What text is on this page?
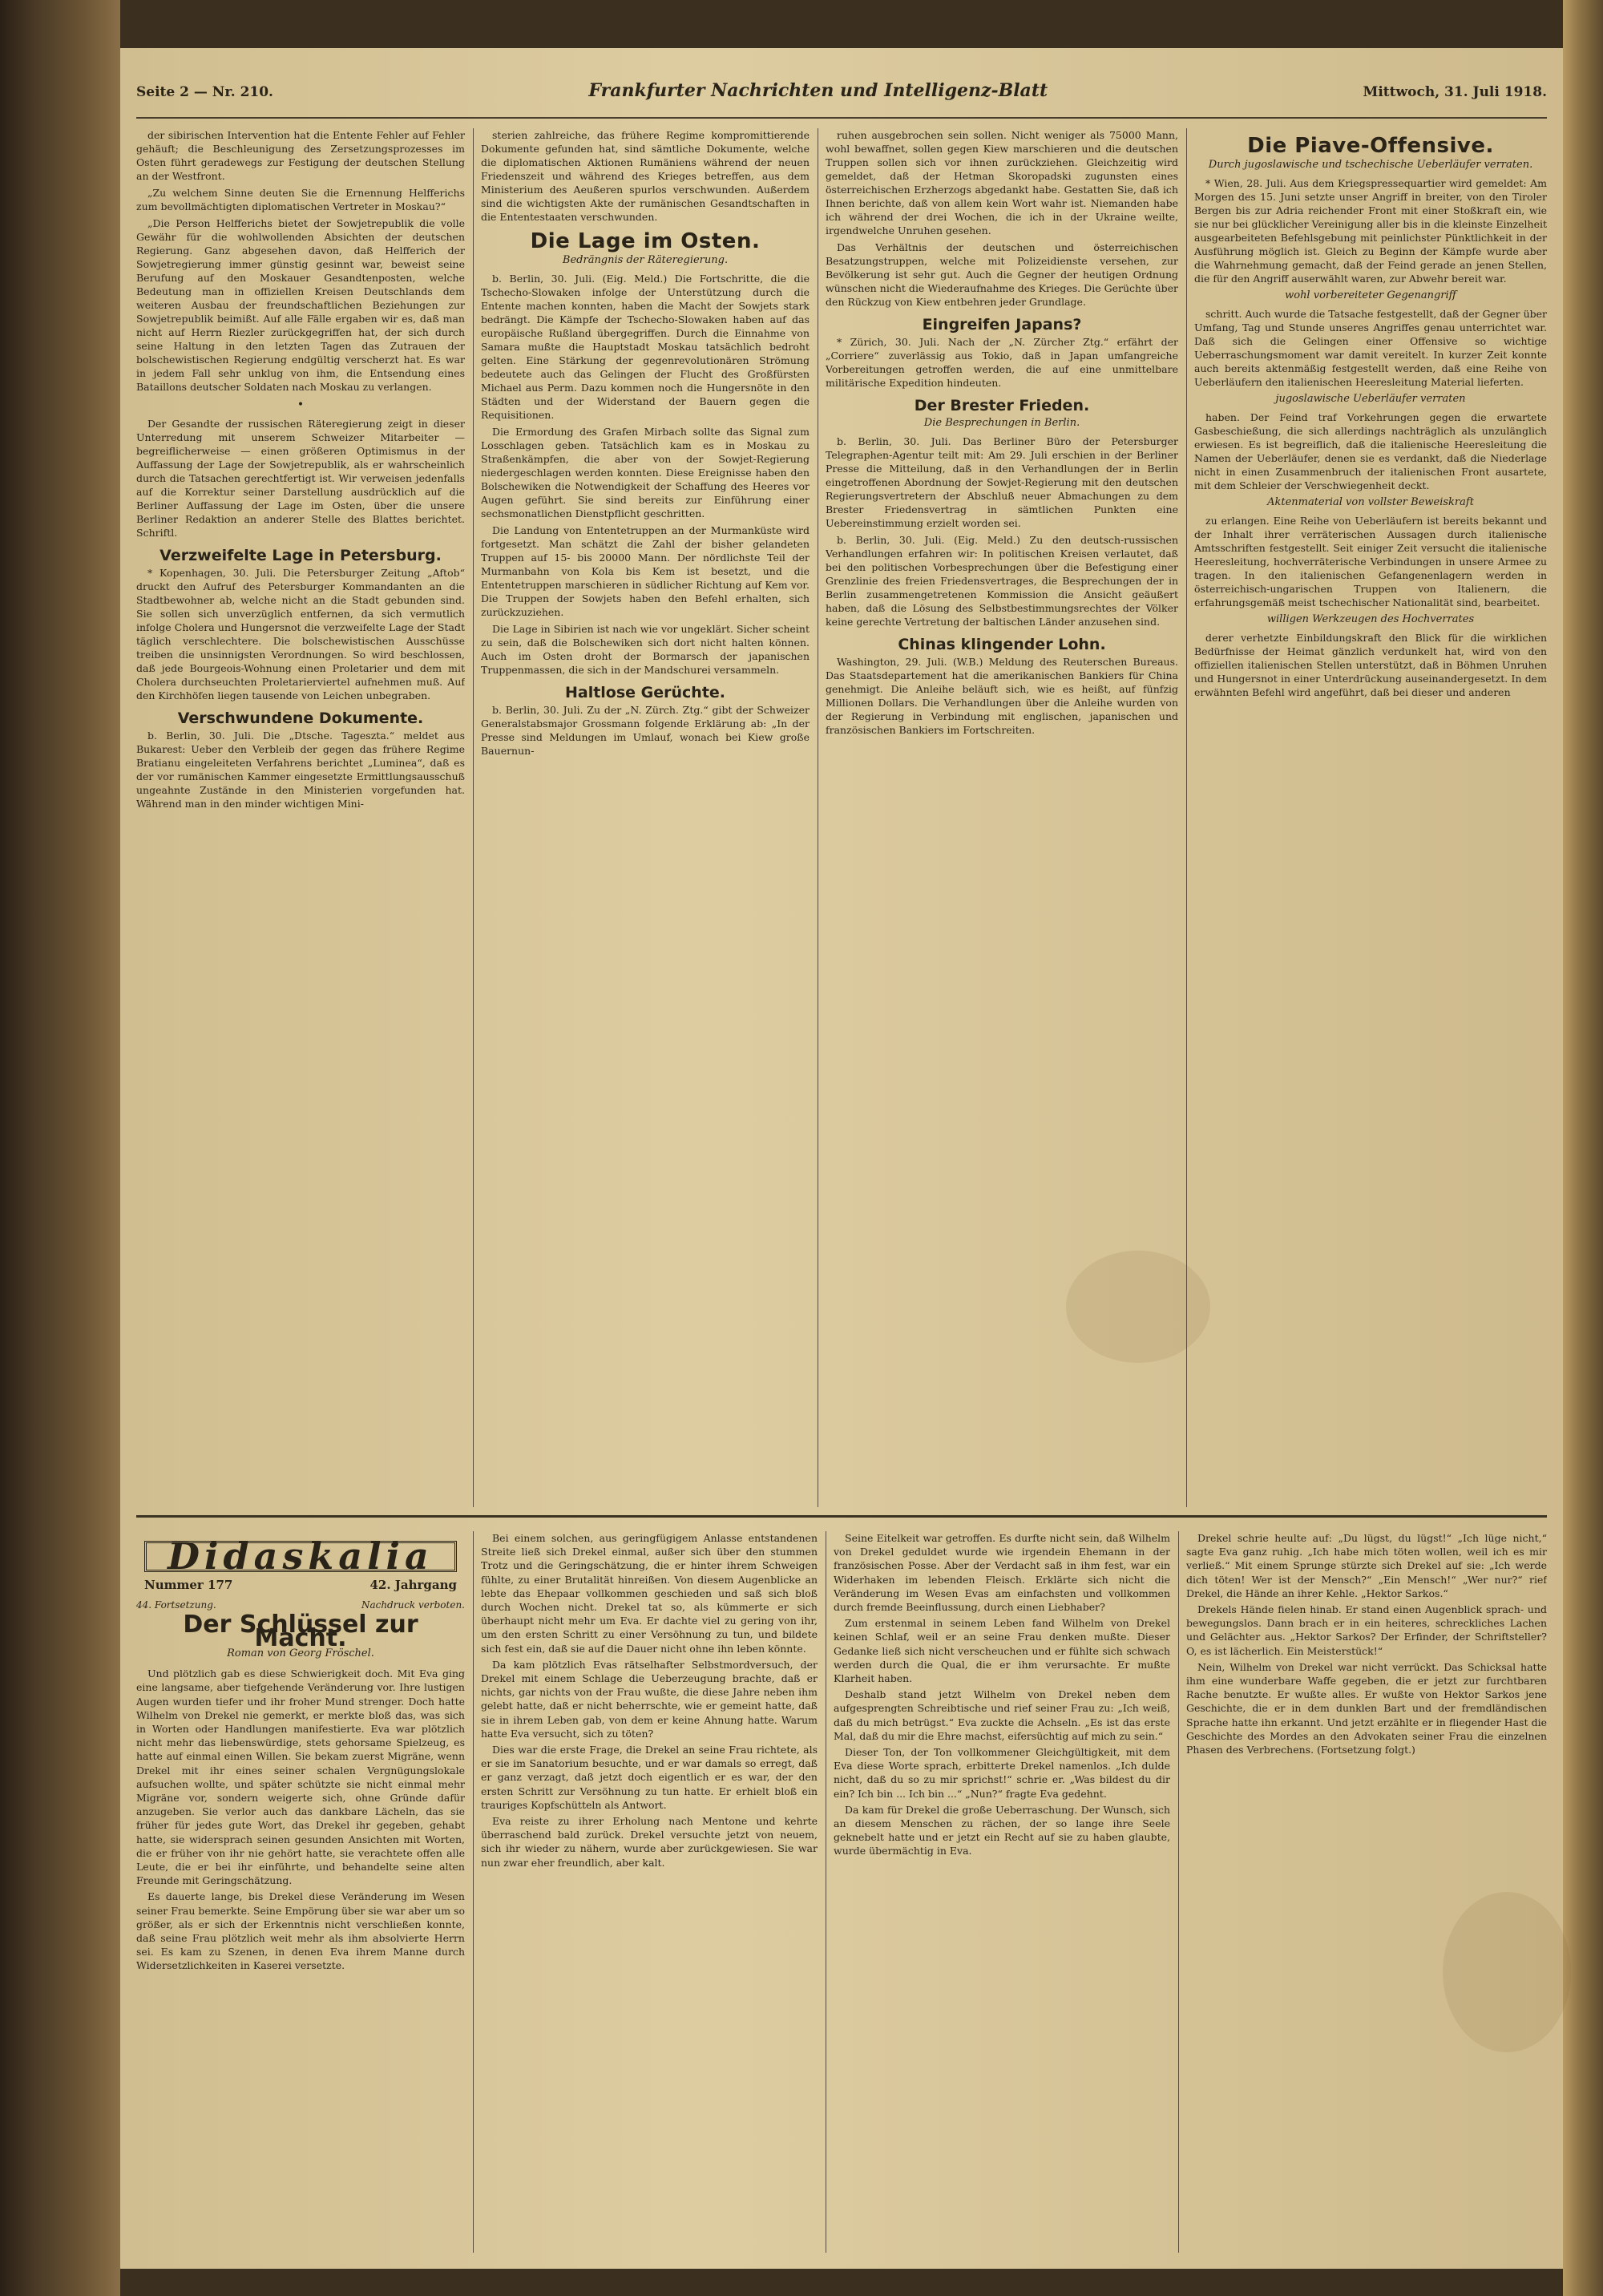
Seite 2 — Nr. 210.	Frankfurter Nachrichten und Intelligenz-Blatt	Mittwoch, 31. Juli 1918.

der sibirischen Intervention hat die Entente Fehler auf Fehler gehäuft; die Beschleunigung des Zersetzungsprozesses im Osten führt geradewegs zur Festigung der deutschen Stellung an der Westfront.

„Zu welchem Sinne deuten Sie die Ernennung Helfferichs zum bevollmächtigten diplomatischen Vertreter in Moskau?“

„Die Person Helfferichs bietet der Sowjetrepublik die volle Gewähr für die wohlwollenden Absichten der deutschen Regierung. Ganz abgesehen davon, daß Helfferich der Sowjetregierung immer günstig gesinnt war, beweist seine Berufung auf den Moskauer Gesandtenposten, welche Bedeutung man in offiziellen Kreisen Deutschlands dem weiteren Ausbau der freundschaftlichen Beziehungen zur Sowjetrepublik beimißt. Auf alle Fälle ergaben wir es, daß man nicht auf Herrn Riezler zurückgegriffen hat, der sich durch seine Haltung in den letzten Tagen das Zutrauen der bolschewistischen Regierung endgültig verscherzt hat. Es war in jedem Fall sehr unklug von ihm, die Entsendung eines Bataillons deutscher Soldaten nach Moskau zu verlangen.

•

Der Gesandte der russischen Räteregierung zeigt in dieser Unterredung mit unserem Schweizer Mitarbeiter — begreiflicherweise — einen größeren Optimismus in der Auffassung der Lage der Sowjetrepublik, als er wahrscheinlich durch die Tatsachen gerechtfertigt ist. Wir verweisen jedenfalls auf die Korrektur seiner Darstellung ausdrücklich auf die Berliner Auffassung der Lage im Osten, über die unsere Berliner Redaktion an anderer Stelle des Blattes berichtet. Schriftl.

Verzweifelte Lage in Petersburg.

* Kopenhagen, 30. Juli. Die Petersburger Zeitung „Aftob“ druckt den Aufruf des Petersburger Kommandanten an die Stadtbewohner ab, welche nicht an die Stadt gebunden sind. Sie sollen sich unverzüglich entfernen, da sich vermutlich infolge Cholera und Hungersnot die verzweifelte Lage der Stadt täglich verschlechtere. Die bolschewistischen Ausschüsse treiben die unsinnigsten Verordnungen. So wird beschlossen, daß jede Bourgeois-Wohnung einen Proletarier und dem mit Cholera durchseuchten Proletarierviertel aufnehmen muß. Auf den Kirchhöfen liegen tausende von Leichen unbegraben.

Verschwundene Dokumente.

b. Berlin, 30. Juli. Die „Dtsche. Tageszta.“ meldet aus Bukarest: Ueber den Verbleib der gegen das frühere Regime Bratianu eingeleiteten Verfahrens berichtet „Luminea“, daß es der vor rumänischen Kammer eingesetzte Ermittlungsausschuß ungeahnte Zustände in den Ministerien vorgefunden hat. Während man in den minder wichtigen Mini-

sterien zahlreiche, das frühere Regime kompromittierende Dokumente gefunden hat, sind sämtliche Dokumente, welche die diplomatischen Aktionen Rumäniens während der neuen Friedenszeit und während des Krieges betreffen, aus dem Ministerium des Aeußeren spurlos verschwunden. Außerdem sind die wichtigsten Akte der rumänischen Gesandtschaften in die Ententestaaten verschwunden.

Die Lage im Osten.
Bedrängnis der Räteregierung.

b. Berlin, 30. Juli. (Eig. Meld.) Die Fortschritte, die die Tschecho-Slowaken infolge der Unterstützung durch die Entente machen konnten, haben die Macht der Sowjets stark bedrängt. Die Kämpfe der Tschecho-Slowaken haben auf das europäische Rußland übergegriffen. Durch die Einnahme von Samara mußte die Hauptstadt Moskau tatsächlich bedroht gelten. Eine Stärkung der gegenrevolutionären Strömung bedeutete auch das Gelingen der Flucht des Großfürsten Michael aus Perm. Dazu kommen noch die Hungersnöte in den Städten und der Widerstand der Bauern gegen die Requisitionen.

Die Ermordung des Grafen Mirbach sollte das Signal zum Losschlagen geben. Tatsächlich kam es in Moskau zu Straßenkämpfen, die aber von der Sowjet-Regierung niedergeschlagen werden konnten. Diese Ereignisse haben den Bolschewiken die Notwendigkeit der Schaffung des Heeres vor Augen geführt. Sie sind bereits zur Einführung einer sechsmonatlichen Dienstpflicht geschritten.

Die Landung von Ententetruppen an der Murmanküste wird fortgesetzt. Man schätzt die Zahl der bisher gelandeten Truppen auf 15- bis 20000 Mann. Der nördlichste Teil der Murmanbahn von Kola bis Kem ist besetzt, und die Ententetruppen marschieren in südlicher Richtung auf Kem vor. Die Truppen der Sowjets haben den Befehl erhalten, sich zurückzuziehen.

Die Lage in Sibirien ist nach wie vor ungeklärt. Sicher scheint zu sein, daß die Bolschewiken sich dort nicht halten können. Auch im Osten droht der Bormarsch der japanischen Truppenmassen, die sich in der Mandschurei versammeln.

Haltlose Gerüchte.

b. Berlin, 30. Juli. Zu der „N. Zürch. Ztg.“ gibt der Schweizer Generalstabsmajor Grossmann folgende Erklärung ab: „In der Presse sind Meldungen im Umlauf, wonach bei Kiew große Bauernun-

ruhen ausgebrochen sein sollen. Nicht weniger als 75000 Mann, wohl bewaffnet, sollen gegen Kiew marschieren und die deutschen Truppen sollen sich vor ihnen zurückziehen. Gleichzeitig wird gemeldet, daß der Hetman Skoropadski zugunsten eines österreichischen Erzherzogs abgedankt habe. Gestatten Sie, daß ich Ihnen berichte, daß von allem kein Wort wahr ist. Niemanden habe ich während der drei Wochen, die ich in der Ukraine weilte, irgendwelche Unruhen gesehen.

Das Verhältnis der deutschen und österreichischen Besatzungstruppen, welche mit Polizeidienste versehen, zur Bevölkerung ist sehr gut. Auch die Gegner der heutigen Ordnung wünschen nicht die Wiederaufnahme des Krieges. Die Gerüchte über den Rückzug von Kiew entbehren jeder Grundlage.

Eingreifen Japans?

* Zürich, 30. Juli. Nach der „N. Zürcher Ztg.“ erfährt der „Corriere“ zuverlässig aus Tokio, daß in Japan umfangreiche Vorbereitungen getroffen werden, die auf eine unmittelbare militärische Expedition hindeuten.

Der Brester Frieden.
Die Besprechungen in Berlin.

b. Berlin, 30. Juli. Das Berliner Büro der Petersburger Telegraphen-Agentur teilt mit: Am 29. Juli erschien in der Berliner Presse die Mitteilung, daß in den Verhandlungen der in Berlin eingetroffenen Abordnung der Sowjet-Regierung mit den deutschen Regierungsvertretern der Abschluß neuer Abmachungen zu dem Brester Friedensvertrag in sämtlichen Punkten eine Uebereinstimmung erzielt worden sei.

b. Berlin, 30. Juli. (Eig. Meld.) Zu den deutsch-russischen Verhandlungen erfahren wir: In politischen Kreisen verlautet, daß bei den politischen Vorbesprechungen über die Befestigung einer Grenzlinie des freien Friedensvertrages, die Besprechungen der in Berlin zusammengetretenen Kommission die Ansicht geäußert haben, daß die Lösung des Selbstbestimmungsrechtes der Völker keine gerechte Vertretung der baltischen Länder anzusehen sind.

Chinas klingender Lohn.

Washington, 29. Juli. (W.B.) Meldung des Reuterschen Bureaus. Das Staatsdepartement hat die amerikanischen Bankiers für China genehmigt. Die Anleihe beläuft sich, wie es heißt, auf fünfzig Millionen Dollars. Die Verhandlungen über die Anleihe wurden von der Regierung in Verbindung mit englischen, japanischen und französischen Bankiers im Fortschreiten.

Die Piave-Offensive.
Durch jugoslawische und tschechische Ueberläufer verraten.

* Wien, 28. Juli. Aus dem Kriegspressequartier wird gemeldet: Am Morgen des 15. Juni setzte unser Angriff in breiter, von den Tiroler Bergen bis zur Adria reichender Front mit einer Stoßkraft ein, wie sie nur bei glücklicher Vereinigung aller bis in die kleinste Einzelheit ausgearbeiteten Befehlsgebung mit peinlichster Pünktlichkeit in der Ausführung möglich ist. Gleich zu Beginn der Kämpfe wurde aber die Wahrnehmung gemacht, daß der Feind gerade an jenen Stellen, die für den Angriff auserwählt waren, zur Abwehr bereit war.

wohl vorbereiteter Gegenangriff

schritt. Auch wurde die Tatsache festgestellt, daß der Gegner über Umfang, Tag und Stunde unseres Angriffes genau unterrichtet war. Daß sich die Gelingen einer Offensive so wichtige Ueberraschungsmoment war damit vereitelt. In kurzer Zeit konnte auch bereits aktenmäßig festgestellt werden, daß eine Reihe von Ueberläufern den italienischen Heeresleitung Material lieferten.

jugoslawische Ueberläufer verraten

haben. Der Feind traf Vorkehrungen gegen die erwartete Gasbeschießung, die sich allerdings nachträglich als unzulänglich erwiesen. Es ist begreiflich, daß die italienische Heeresleitung die Namen der Ueberläufer, denen sie es verdankt, daß die Niederlage nicht in einen Zusammenbruch der italienischen Front ausartete, mit dem Schleier der Verschwiegenheit deckt.

Aktenmaterial von vollster Beweiskraft

zu erlangen. Eine Reihe von Ueberläufern ist bereits bekannt und der Inhalt ihrer verräterischen Aussagen durch italienische Amtsschriften festgestellt. Seit einiger Zeit versucht die italienische Heeresleitung, hochverräterische Verbindungen in unsere Armee zu tragen. In den italienischen Gefangenenlagern werden in österreichisch-ungarischen Truppen von Italienern, die erfahrungsgemäß meist tschechischer Nationalität sind, bearbeitet.

willigen Werkzeugen des Hochverrates

derer verhetzte Einbildungskraft den Blick für die wirklichen Bedürfnisse der Heimat gänzlich verdunkelt hat, wird von den offiziellen italienischen Stellen unterstützt, daß in Böhmen Unruhen und Hungersnot in einer Unterdrückung auseinandergesetzt. In dem erwähnten Befehl wird angeführt, daß bei dieser und anderen

Didaskalia
Nummer 177	42. Jahrgang
44. Fortsetzung.	Nachdruck verboten.
Der Schlüssel zur Macht.
Roman von Georg Fröschel.

Und plötzlich gab es diese Schwierigkeit doch. Mit Eva ging eine langsame, aber tiefgehende Veränderung vor. Ihre lustigen Augen wurden tiefer und ihr froher Mund strenger. Doch hatte Wilhelm von Drekel nie gemerkt, er merkte bloß das, was sich in Worten oder Handlungen manifestierte. Eva war plötzlich nicht mehr das liebenswürdige, stets gehorsame Spielzeug, es hatte auf einmal einen Willen. Sie bekam zuerst Migräne, wenn Drekel mit ihr eines seiner schalen Vergnügungslokale aufsuchen wollte, und später schützte sie nicht einmal mehr Migräne vor, sondern weigerte sich, ohne Gründe dafür anzugeben. Sie verlor auch das dankbare Lächeln, das sie früher für jedes gute Wort, das Drekel ihr gegeben, gehabt hatte, sie widersprach seinen gesunden Ansichten mit Worten, die er früher von ihr nie gehört hatte, sie verachtete offen alle Leute, die er bei ihr einführte, und behandelte seine alten Freunde mit Geringschätzung.

Es dauerte lange, bis Drekel diese Veränderung im Wesen seiner Frau bemerkte. Seine Empörung über sie war aber um so größer, als er sich der Erkenntnis nicht verschließen konnte, daß seine Frau plötzlich weit mehr als ihm absolvierte Herrn sei. Es kam zu Szenen, in denen Eva ihrem Manne durch Widersetzlichkeiten in Kaserei versetzte.

Bei einem solchen, aus geringfügigem Anlasse entstandenen Streite ließ sich Drekel einmal, außer sich über den stummen Trotz und die Geringschätzung, die er hinter ihrem Schweigen fühlte, zu einer Brutalität hinreißen. Von diesem Augenblicke an lebte das Ehepaar vollkommen geschieden und saß sich bloß durch Wochen nicht. Drekel tat so, als kümmerte er sich überhaupt nicht mehr um Eva. Er dachte viel zu gering von ihr, um den ersten Schritt zu einer Versöhnung zu tun, und bildete sich fest ein, daß sie auf die Dauer nicht ohne ihn leben könnte.

Da kam plötzlich Evas rätselhafter Selbstmordversuch, der Drekel mit einem Schlage die Ueberzeugung brachte, daß er nichts, gar nichts von der Frau wußte, die diese Jahre neben ihm gelebt hatte, daß er nicht beherrschte, wie er gemeint hatte, daß sie in ihrem Leben gab, von dem er keine Ahnung hatte. Warum hatte Eva versucht, sich zu töten?

Dies war die erste Frage, die Drekel an seine Frau richtete, als er sie im Sanatorium besuchte, und er war damals so erregt, daß er ganz verzagt, daß jetzt doch eigentlich er es war, der den ersten Schritt zur Versöhnung zu tun hatte. Er erhielt bloß ein trauriges Kopfschütteln als Antwort.

Eva reiste zu ihrer Erholung nach Mentone und kehrte überraschend bald zurück. Drekel versuchte jetzt von neuem, sich ihr wieder zu nähern, wurde aber zurückgewiesen. Sie war nun zwar eher freundlich, aber kalt.

Seine Eitelkeit war getroffen. Es durfte nicht sein, daß Wilhelm von Drekel geduldet wurde wie irgendein Ehemann in der französischen Posse. Aber der Verdacht saß in ihm fest, war ein Widerhaken im lebenden Fleisch. Erklärte sich nicht die Veränderung im Wesen Evas am einfachsten und vollkommen durch fremde Beeinflussung, durch einen Liebhaber?

Zum erstenmal in seinem Leben fand Wilhelm von Drekel keinen Schlaf, weil er an seine Frau denken mußte. Dieser Gedanke ließ sich nicht verscheuchen und er fühlte sich schwach werden durch die Qual, die er ihm verursachte. Er mußte Klarheit haben.

Deshalb stand jetzt Wilhelm von Drekel neben dem aufgesprengten Schreibtische und rief seiner Frau zu: „Ich weiß, daß du mich betrügst.“ Eva zuckte die Achseln. „Es ist das erste Mal, daß du mir die Ehre machst, eifersüchtig auf mich zu sein.“

Dieser Ton, der Ton vollkommener Gleichgültigkeit, mit dem Eva diese Worte sprach, erbitterte Drekel namenlos. „Ich dulde nicht, daß du so zu mir sprichst!“ schrie er. „Was bildest du dir ein? Ich bin ... Ich bin ...“ „Nun?“ fragte Eva gedehnt.

Da kam für Drekel die große Ueberraschung. Der Wunsch, sich an diesem Menschen zu rächen, der so lange ihre Seele geknebelt hatte und er jetzt ein Recht auf sie zu haben glaubte, wurde übermächtig in Eva.

Drekel schrie heulte auf: „Du lügst, du lügst!“ „Ich lüge nicht,“ sagte Eva ganz ruhig. „Ich habe mich töten wollen, weil ich es mir verließ.“ Mit einem Sprunge stürzte sich Drekel auf sie: „Ich werde dich töten! Wer ist der Mensch?“ „Ein Mensch!“ „Wer nur?“ rief Drekel, die Hände an ihrer Kehle. „Hektor Sarkos.“

Drekels Hände fielen hinab. Er stand einen Augenblick sprach- und bewegungslos. Dann brach er in ein heiteres, schreckliches Lachen und Gelächter aus. „Hektor Sarkos? Der Erfinder, der Schriftsteller? O, es ist lächerlich. Ein Meisterstück!“

Nein, Wilhelm von Drekel war nicht verrückt. Das Schicksal hatte ihm eine wunderbare Waffe gegeben, die er jetzt zur furchtbaren Rache benutzte. Er wußte alles. Er wußte von Hektor Sarkos jene Geschichte, die er in dem dunklen Bart und der fremdländischen Sprache hatte ihn erkannt. Und jetzt erzählte er in fliegender Hast die Geschichte des Mordes an den Advokaten seiner Frau die einzelnen Phasen des Verbrechens. (Fortsetzung folgt.)
